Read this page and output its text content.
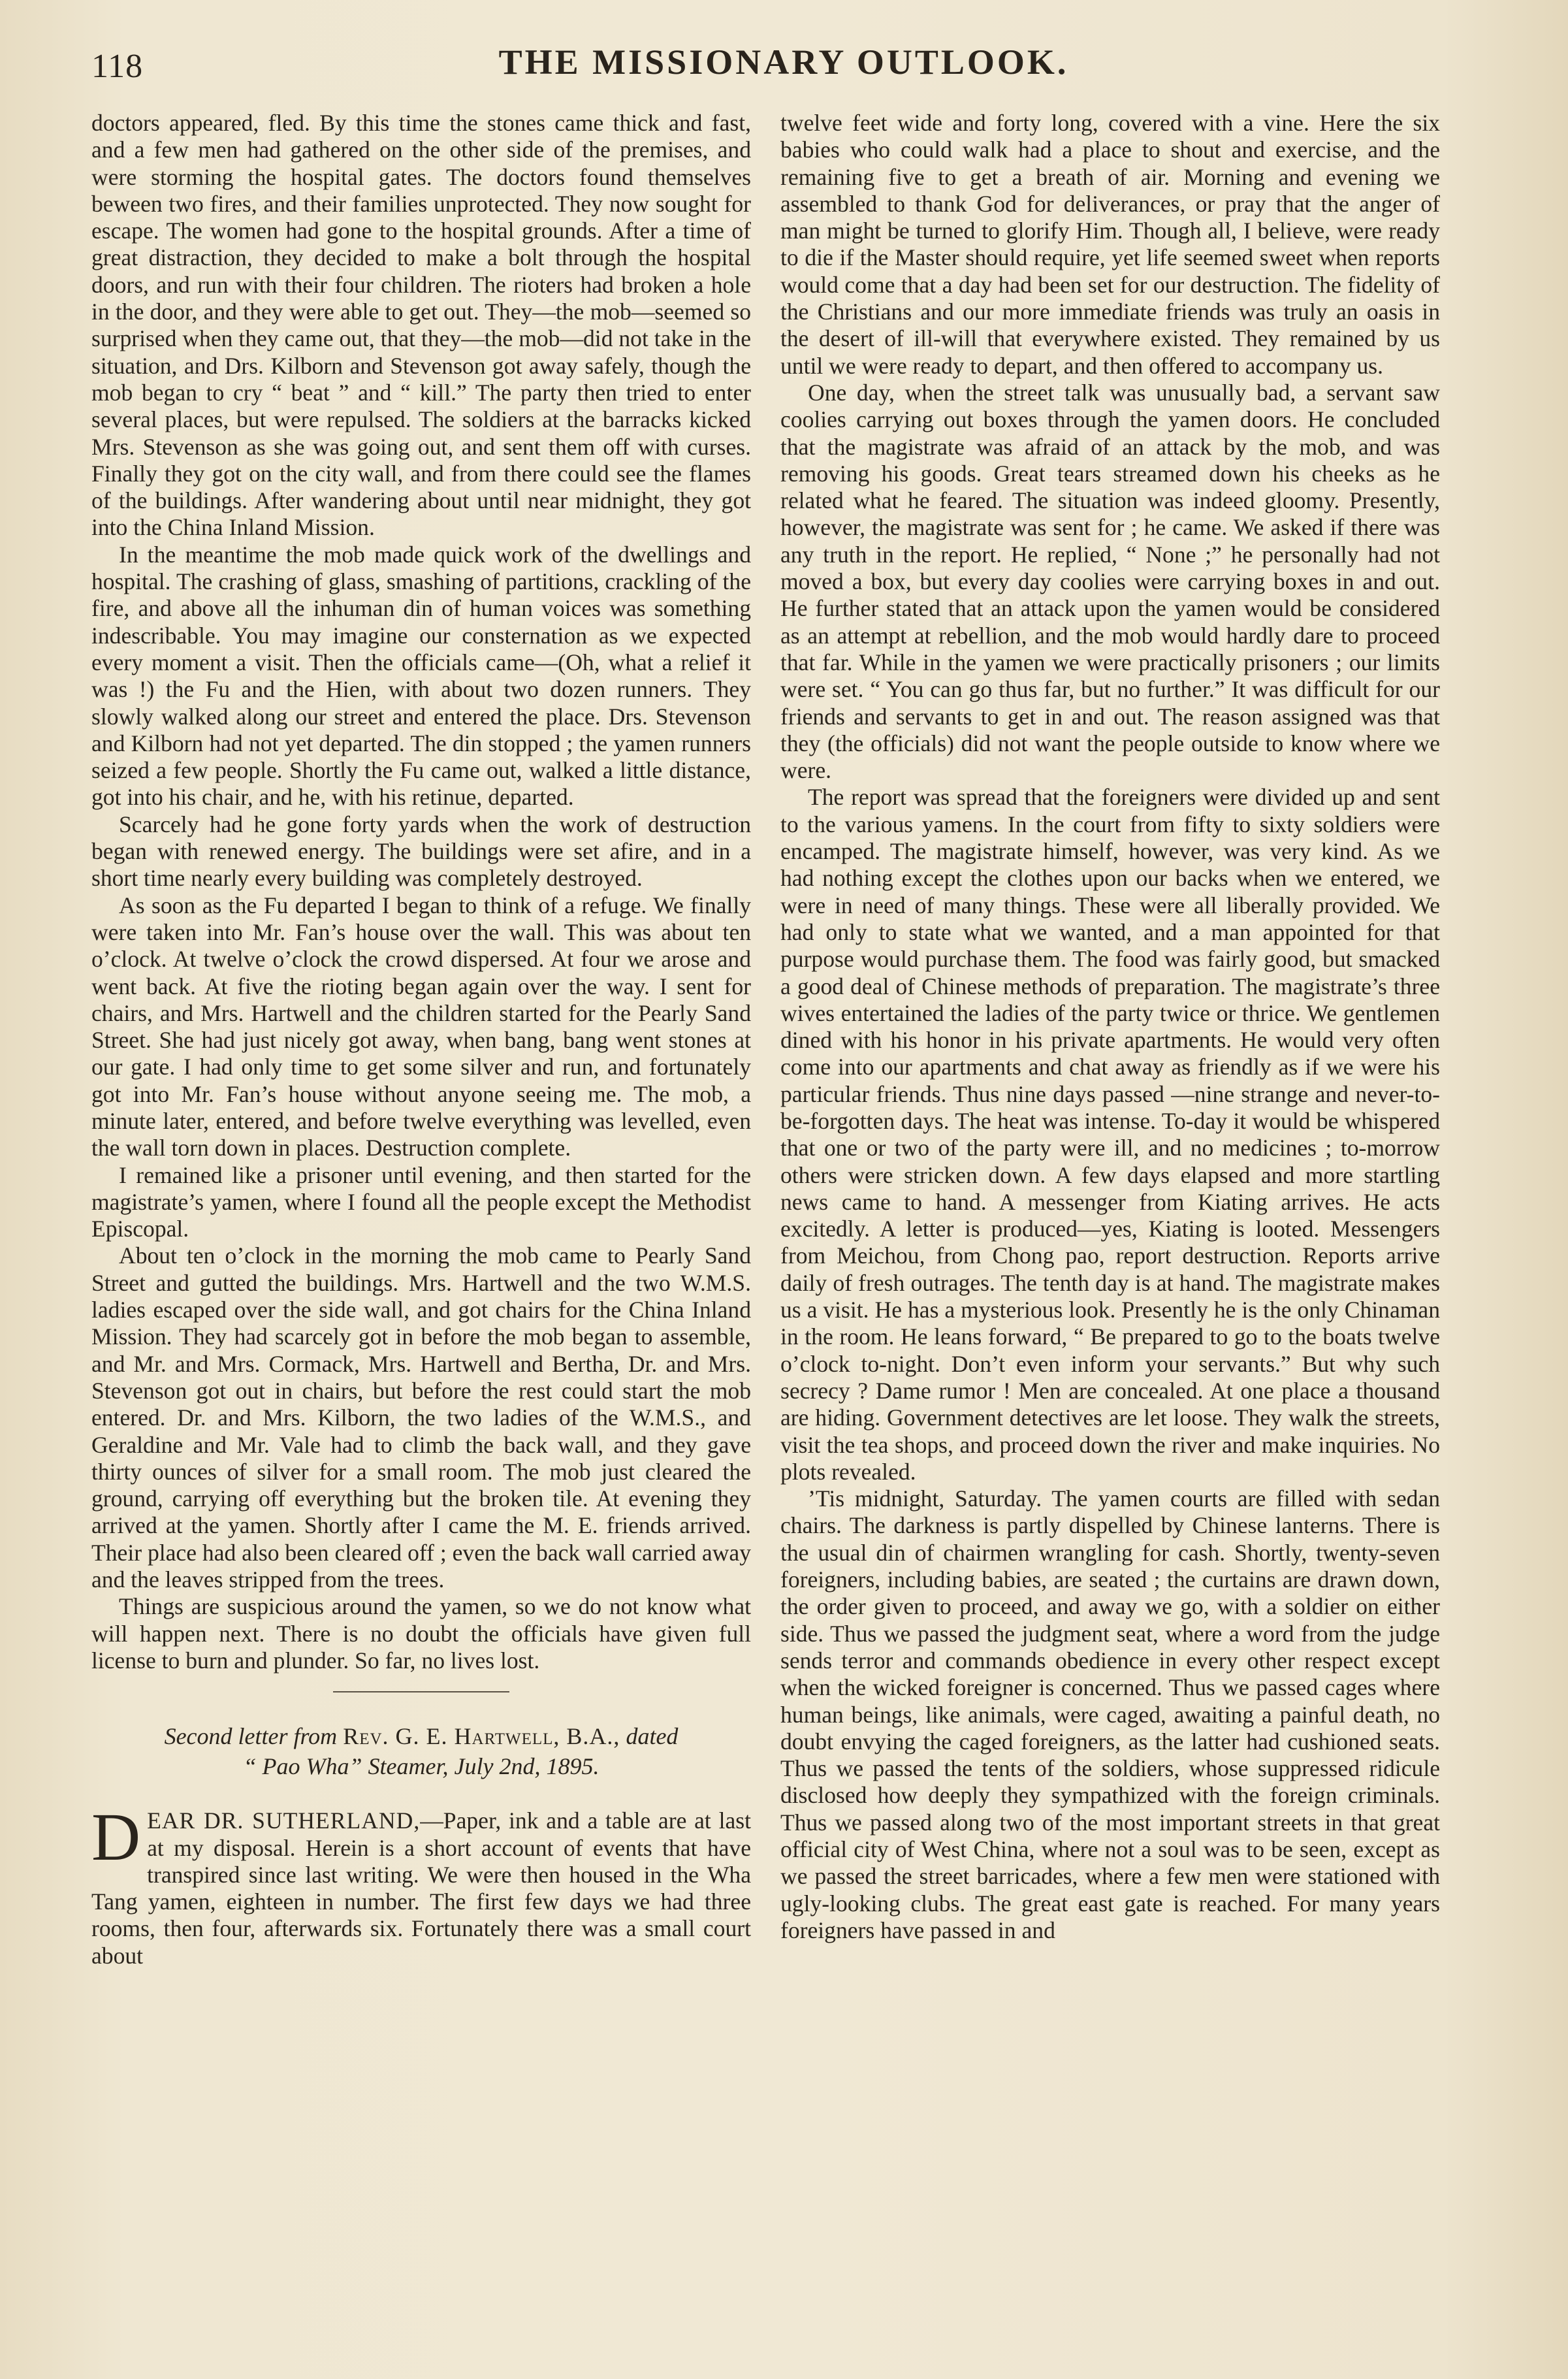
118	THE MISSIONARY OUTLOOK.

doctors appeared, fled. By this time the stones came thick and fast, and a few men had gathered on the other side of the premises, and were storming the hospital gates. The doctors found themselves beween two fires, and their families unprotected. They now sought for escape. The women had gone to the hospital grounds. After a time of great distraction, they decided to make a bolt through the hospital doors, and run with their four children. The rioters had broken a hole in the door, and they were able to get out. They—the mob—seemed so surprised when they came out, that they—the mob—did not take in the situation, and Drs. Kilborn and Stevenson got away safely, though the mob began to cry “ beat ” and “ kill.” The party then tried to enter several places, but were repulsed. The soldiers at the barracks kicked Mrs. Stevenson as she was going out, and sent them off with curses. Finally they got on the city wall, and from there could see the flames of the buildings. After wandering about until near midnight, they got into the China Inland Mission.

In the meantime the mob made quick work of the dwellings and hospital. The crashing of glass, smashing of partitions, crackling of the fire, and above all the inhuman din of human voices was something indescribable. You may imagine our consternation as we expected every moment a visit. Then the officials came—(Oh, what a relief it was !) the Fu and the Hien, with about two dozen runners. They slowly walked along our street and entered the place. Drs. Stevenson and Kilborn had not yet departed. The din stopped ; the yamen runners seized a few people. Shortly the Fu came out, walked a little distance, got into his chair, and he, with his retinue, departed.

Scarcely had he gone forty yards when the work of destruction began with renewed energy. The buildings were set afire, and in a short time nearly every building was completely destroyed.

As soon as the Fu departed I began to think of a refuge. We finally were taken into Mr. Fan’s house over the wall. This was about ten o’clock. At twelve o’clock the crowd dispersed. At four we arose and went back. At five the rioting began again over the way. I sent for chairs, and Mrs. Hartwell and the children started for the Pearly Sand Street. She had just nicely got away, when bang, bang went stones at our gate. I had only time to get some silver and run, and fortunately got into Mr. Fan’s house without anyone seeing me. The mob, a minute later, entered, and before twelve everything was levelled, even the wall torn down in places. Destruction complete.

I remained like a prisoner until evening, and then started for the magistrate’s yamen, where I found all the people except the Methodist Episcopal.

About ten o’clock in the morning the mob came to Pearly Sand Street and gutted the buildings. Mrs. Hartwell and the two W.M.S. ladies escaped over the side wall, and got chairs for the China Inland Mission. They had scarcely got in before the mob began to assemble, and Mr. and Mrs. Cormack, Mrs. Hartwell and Bertha, Dr. and Mrs. Stevenson got out in chairs, but before the rest could start the mob entered. Dr. and Mrs. Kilborn, the two ladies of the W.M.S., and Geraldine and Mr. Vale had to climb the back wall, and they gave thirty ounces of silver for a small room. The mob just cleared the ground, carrying off everything but the broken tile. At evening they arrived at the yamen. Shortly after I came the M. E. friends arrived. Their place had also been cleared off ; even the back wall carried away and the leaves stripped from the trees.

Things are suspicious around the yamen, so we do not know what will happen next. There is no doubt the officials have given full license to burn and plunder. So far, no lives lost.

Second letter from Rev. G. E. Hartwell, B.A., dated
“ Pao Wha” Steamer, July 2nd, 1895.

DEAR DR. SUTHERLAND,—Paper, ink and a table are at last at my disposal. Herein is a short account of events that have transpired since last writing. We were then housed in the Wha Tang yamen, eighteen in number. The first few days we had three rooms, then four, afterwards six. Fortunately there was a small court about

twelve feet wide and forty long, covered with a vine. Here the six babies who could walk had a place to shout and exercise, and the remaining five to get a breath of air. Morning and evening we assembled to thank God for deliverances, or pray that the anger of man might be turned to glorify Him. Though all, I believe, were ready to die if the Master should require, yet life seemed sweet when reports would come that a day had been set for our destruction. The fidelity of the Christians and our more immediate friends was truly an oasis in the desert of ill-will that everywhere existed. They remained by us until we were ready to depart, and then offered to accompany us.

One day, when the street talk was unusually bad, a servant saw coolies carrying out boxes through the yamen doors. He concluded that the magistrate was afraid of an attack by the mob, and was removing his goods. Great tears streamed down his cheeks as he related what he feared. The situation was indeed gloomy. Presently, however, the magistrate was sent for ; he came. We asked if there was any truth in the report. He replied, “ None ;” he personally had not moved a box, but every day coolies were carrying boxes in and out. He further stated that an attack upon the yamen would be considered as an attempt at rebellion, and the mob would hardly dare to proceed that far. While in the yamen we were practically prisoners ; our limits were set. “ You can go thus far, but no further.” It was difficult for our friends and servants to get in and out. The reason assigned was that they (the officials) did not want the people outside to know where we were.

The report was spread that the foreigners were divided up and sent to the various yamens. In the court from fifty to sixty soldiers were encamped. The magistrate himself, however, was very kind. As we had nothing except the clothes upon our backs when we entered, we were in need of many things. These were all liberally provided. We had only to state what we wanted, and a man appointed for that purpose would purchase them. The food was fairly good, but smacked a good deal of Chinese methods of preparation. The magistrate’s three wives entertained the ladies of the party twice or thrice. We gentlemen dined with his honor in his private apartments. He would very often come into our apartments and chat away as friendly as if we were his particular friends. Thus nine days passed —nine strange and never-to-be-forgotten days. The heat was intense. To-day it would be whispered that one or two of the party were ill, and no medicines ; to-morrow others were stricken down. A few days elapsed and more startling news came to hand. A messenger from Kiating arrives. He acts excitedly. A letter is produced—yes, Kiating is looted. Messengers from Meichou, from Chong pao, report destruction. Reports arrive daily of fresh outrages. The tenth day is at hand. The magistrate makes us a visit. He has a mysterious look. Presently he is the only Chinaman in the room. He leans forward, “ Be prepared to go to the boats twelve o’clock to-night. Don’t even inform your servants.” But why such secrecy ? Dame rumor ! Men are concealed. At one place a thousand are hiding. Government detectives are let loose. They walk the streets, visit the tea shops, and proceed down the river and make inquiries. No plots revealed.

’Tis midnight, Saturday. The yamen courts are filled with sedan chairs. The darkness is partly dispelled by Chinese lanterns. There is the usual din of chairmen wrangling for cash. Shortly, twenty-seven foreigners, including babies, are seated ; the curtains are drawn down, the order given to proceed, and away we go, with a soldier on either side. Thus we passed the judgment seat, where a word from the judge sends terror and commands obedience in every other respect except when the wicked foreigner is concerned. Thus we passed cages where human beings, like animals, were caged, awaiting a painful death, no doubt envying the caged foreigners, as the latter had cushioned seats. Thus we passed the tents of the soldiers, whose suppressed ridicule disclosed how deeply they sympathized with the foreign criminals. Thus we passed along two of the most important streets in that great official city of West China, where not a soul was to be seen, except as we passed the street barricades, where a few men were stationed with ugly-looking clubs. The great east gate is reached. For many years foreigners have passed in and
